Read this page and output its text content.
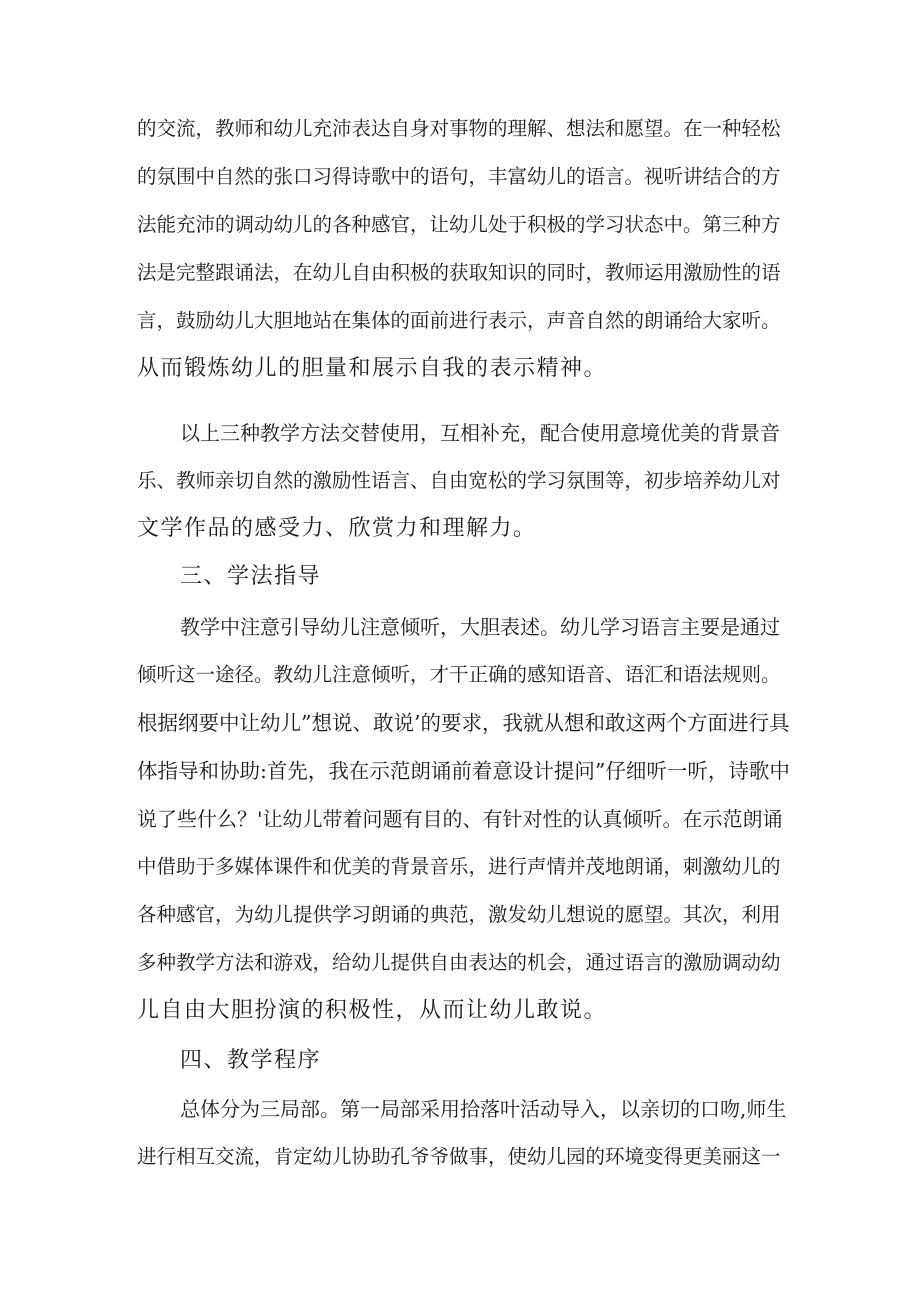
的交流，教师和幼儿充沛表达自身对事物的理解、想法和愿望。在一种轻松
的氛围中自然的张口习得诗歌中的语句，丰富幼儿的语言。视听讲结合的方
法能充沛的调动幼儿的各种感官，让幼儿处于积极的学习状态中。第三种方
法是完整跟诵法，在幼儿自由积极的获取知识的同时，教师运用激励性的语
言，鼓励幼儿大胆地站在集体的面前进行表示，声音自然的朗诵给大家听。
从而锻炼幼儿的胆量和展示自我的表示精神。
以上三种教学方法交替使用，互相补充，配合使用意境优美的背景音
乐、教师亲切自然的激励性语言、自由宽松的学习氛围等，初步培养幼儿对
文学作品的感受力、欣赏力和理解力。
三、学法指导
教学中注意引导幼儿注意倾听，大胆表述。幼儿学习语言主要是通过
倾听这一途径。教幼儿注意倾听，才干正确的感知语音、语汇和语法规则。
根据纲要中让幼儿”想说、敢说’的要求，我就从想和敢这两个方面进行具
体指导和协助:首先，我在示范朗诵前着意设计提问”仔细听一听，诗歌中
说了些什么？'让幼儿带着问题有目的、有针对性的认真倾听。在示范朗诵
中借助于多媒体课件和优美的背景音乐，进行声情并茂地朗诵，刺激幼儿的
各种感官，为幼儿提供学习朗诵的典范，激发幼儿想说的愿望。其次，利用
多种教学方法和游戏，给幼儿提供自由表达的机会，通过语言的激励调动幼
儿自由大胆扮演的积极性，从而让幼儿敢说。
四、教学程序
总体分为三局部。第一局部采用拾落叶活动导入，以亲切的口吻,师生
进行相互交流，肯定幼儿协助孔爷爷做事，使幼儿园的环境变得更美丽这一
